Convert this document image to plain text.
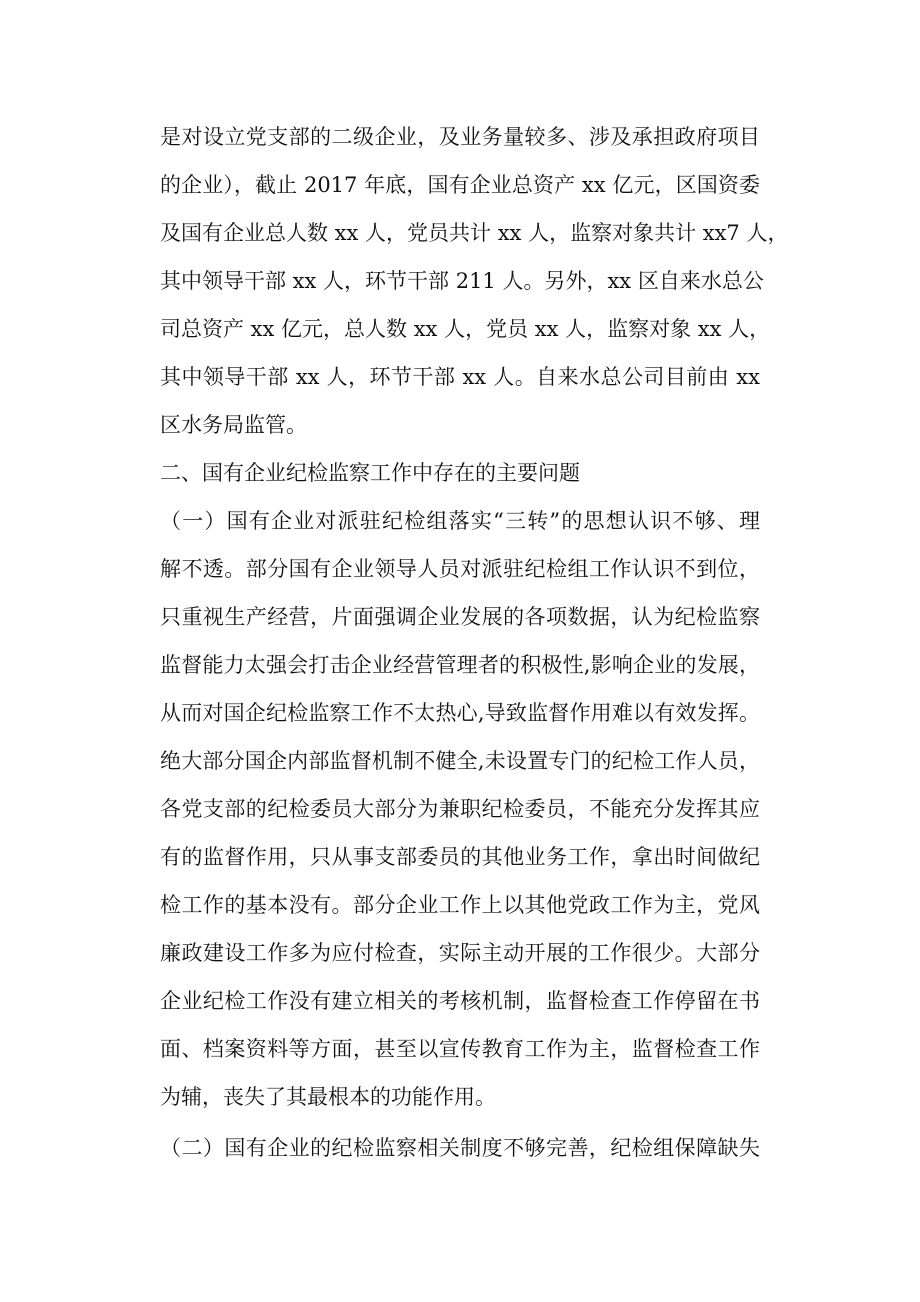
是对设立党支部的二级企业，及业务量较多、涉及承担政府项目
的企业），截止 2017 年底，国有企业总资产 xx 亿元，区国资委
及国有企业总人数 xx 人，党员共计 xx 人，监察对象共计 xx7 人，
其中领导干部 xx 人，环节干部 211 人。另外，xx 区自来水总公
司总资产 xx 亿元，总人数 xx 人，党员 xx 人，监察对象 xx 人，
其中领导干部 xx 人，环节干部 xx 人。自来水总公司目前由 xx
区水务局监管。
二、国有企业纪检监察工作中存在的主要问题
（一）国有企业对派驻纪检组落实“三转”的思想认识不够、理
解不透。部分国有企业领导人员对派驻纪检组工作认识不到位，
只重视生产经营，片面强调企业发展的各项数据，认为纪检监察
监督能力太强会打击企业经营管理者的积极性,影响企业的发展，
从而对国企纪检监察工作不太热心,导致监督作用难以有效发挥。
绝大部分国企内部监督机制不健全,未设置专门的纪检工作人员，
各党支部的纪检委员大部分为兼职纪检委员，不能充分发挥其应
有的监督作用，只从事支部委员的其他业务工作，拿出时间做纪
检工作的基本没有。部分企业工作上以其他党政工作为主，党风
廉政建设工作多为应付检查，实际主动开展的工作很少。大部分
企业纪检工作没有建立相关的考核机制，监督检查工作停留在书
面、档案资料等方面，甚至以宣传教育工作为主，监督检查工作
为辅，丧失了其最根本的功能作用。
（二）国有企业的纪检监察相关制度不够完善，纪检组保障缺失
